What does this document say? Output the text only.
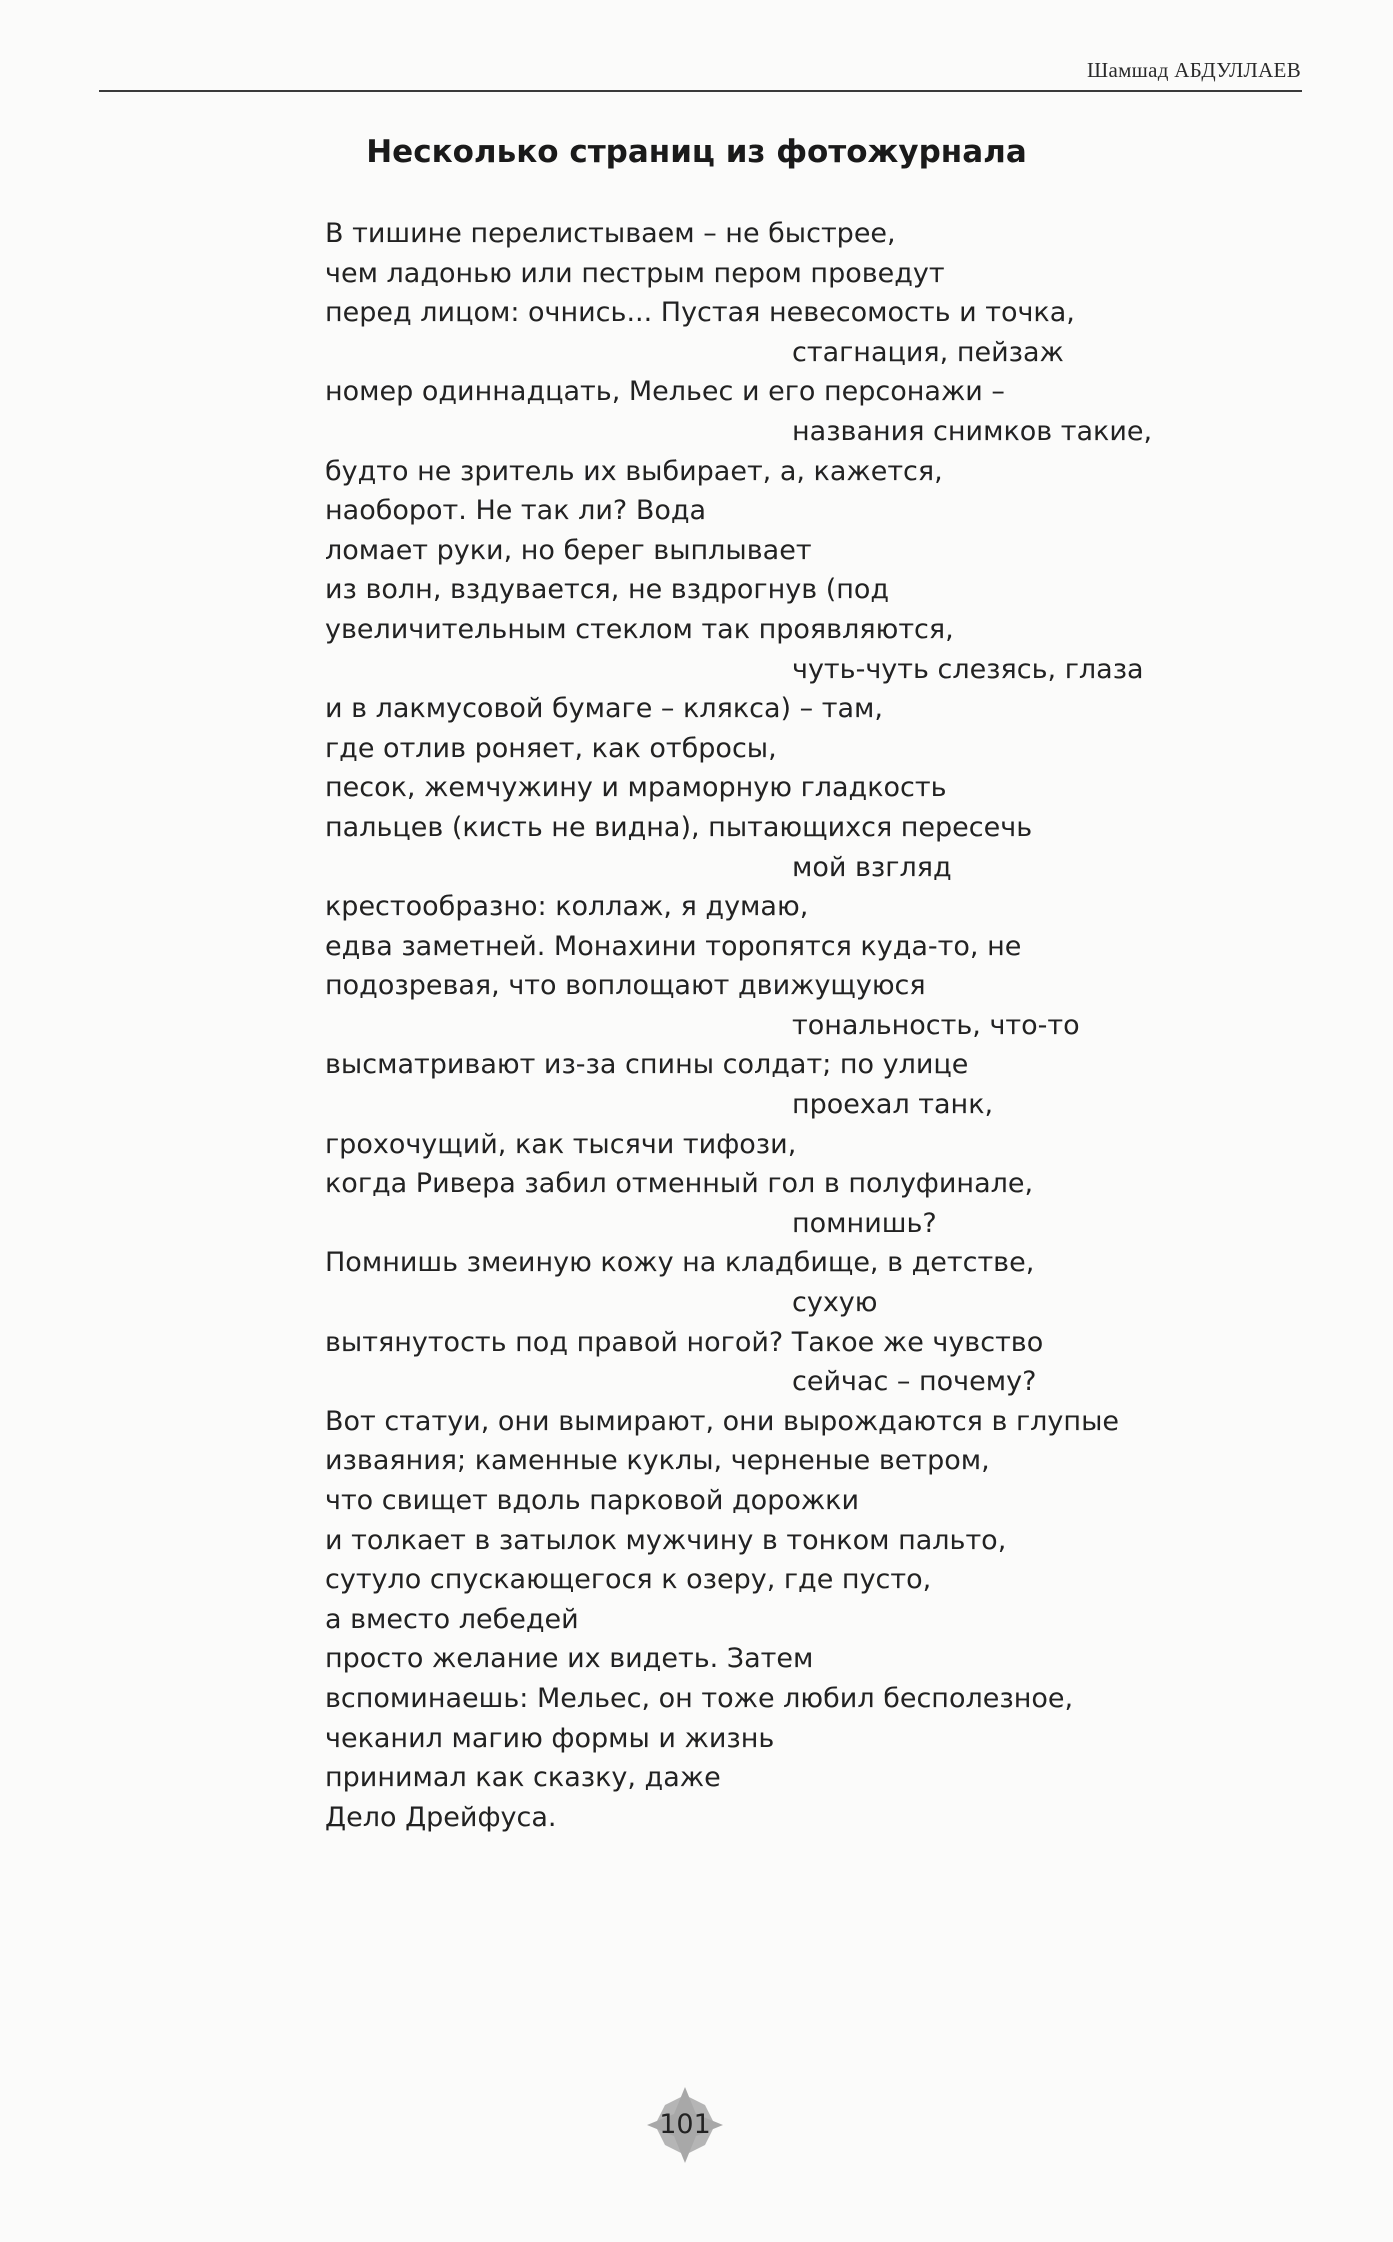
Шамшад АБДУЛЛАЕВ
Несколько страниц из фотожурнала
В тишине перелистываем – не быстрее,
чем ладонью или пестрым пером проведут
перед лицом: очнись... Пустая невесомость и точка,
стагнация, пейзаж
номер одиннадцать, Мельес и его персонажи –
названия снимков такие,
будто не зритель их выбирает, а, кажется,
наоборот. Не так ли? Вода
ломает руки, но берег выплывает
из волн, вздувается, не вздрогнув (под
увеличительным стеклом так проявляются,
чуть-чуть слезясь, глаза
и в лакмусовой бумаге – клякса) – там,
где отлив роняет, как отбросы,
песок, жемчужину и мраморную гладкость
пальцев (кисть не видна), пытающихся пересечь
мой взгляд
крестообразно: коллаж, я думаю,
едва заметней. Монахини торопятся куда-то, не
подозревая, что воплощают движущуюся
тональность, что-то
высматривают из-за спины солдат; по улице
проехал танк,
грохочущий, как тысячи тифози,
когда Ривера забил отменный гол в полуфинале,
помнишь?
Помнишь змеиную кожу на кладбище, в детстве,
сухую
вытянутость под правой ногой? Такое же чувство
сейчас – почему?
Вот статуи, они вымирают, они вырождаются в глупые
изваяния; каменные куклы, черненые ветром,
что свищет вдоль парковой дорожки
и толкает в затылок мужчину в тонком пальто,
сутуло спускающегося к озеру, где пусто,
а вместо лебедей
просто желание их видеть. Затем
вспоминаешь: Мельес, он тоже любил бесполезное,
чеканил магию формы и жизнь
принимал как сказку, даже
Дело Дрейфуса.
101
